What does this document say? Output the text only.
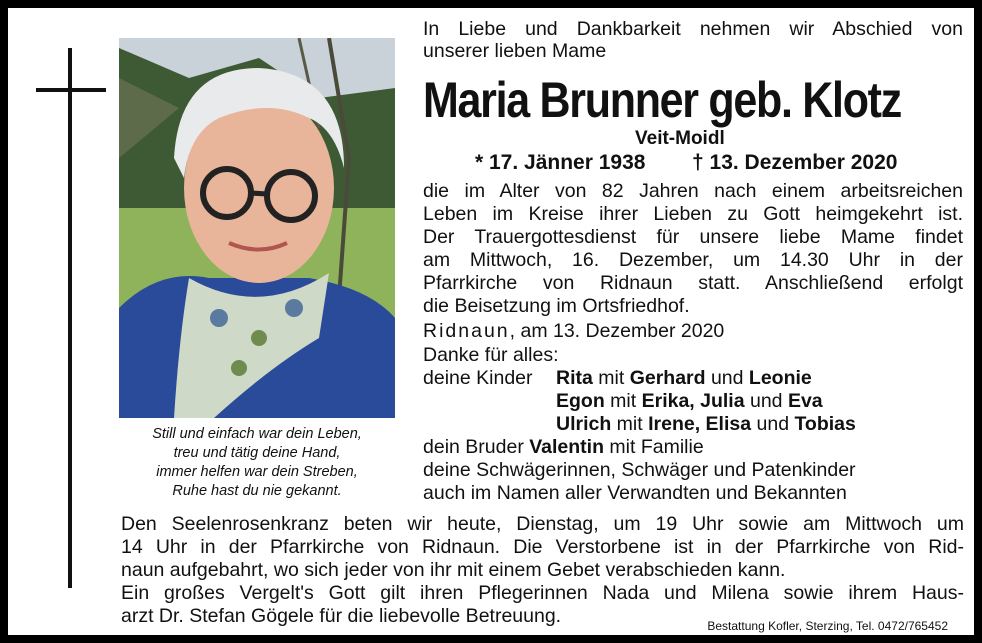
Still und einfach war dein Leben,
treu und tätig deine Hand,
immer helfen war dein Streben,
Ruhe hast du nie gekannt.
In Liebe und Dankbarkeit nehmen wir Abschied von
unserer lieben Mame
Maria Brunner geb. Klotz
Veit-Moidl
* 17. Jänner 1938 † 13. Dezember 2020
die im Alter von 82 Jahren nach einem arbeitsreichen
Leben im Kreise ihrer Lieben zu Gott heimgekehrt ist.
Der Trauergottesdienst für unsere liebe Mame findet
am Mittwoch, 16. Dezember, um 14.30 Uhr in der
Pfarrkirche von Ridnaun statt. Anschließend erfolgt
die Beisetzung im Ortsfriedhof.
Ridnaun, am 13. Dezember 2020
Danke für alles:
deine Kinder Rita mit Gerhard und Leonie
Egon mit Erika, Julia und Eva
Ulrich mit Irene, Elisa und Tobias
dein Bruder Valentin mit Familie
deine Schwägerinnen, Schwäger und Patenkinder
auch im Namen aller Verwandten und Bekannten
Den Seelenrosenkranz beten wir heute, Dienstag, um 19 Uhr sowie am Mittwoch um
14 Uhr in der Pfarrkirche von Ridnaun. Die Verstorbene ist in der Pfarrkirche von Rid-
naun aufgebahrt, wo sich jeder von ihr mit einem Gebet verabschieden kann.
Ein großes Vergelt's Gott gilt ihren Pflegerinnen Nada und Milena sowie ihrem Haus-
arzt Dr. Stefan Gögele für die liebevolle Betreuung.	Bestattung Kofler, Sterzing, Tel. 0472/765452
